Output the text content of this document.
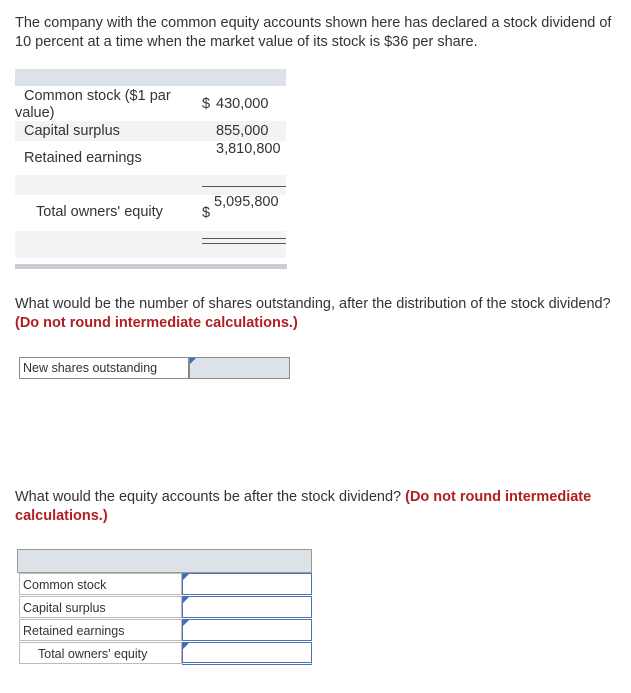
The company with the common equity accounts shown here has declared a stock dividend of 10 percent at a time when the market value of its stock is $36 per share.
Common stock ($1 par
value)
$ 430,000
Capital surplus	855,000
Retained earnings
3,810,800
Total owners' equity
5,095,800
$
What would be the number of shares outstanding, after the distribution of the stock dividend? (Do not round intermediate calculations.)
New shares outstanding
What would the equity accounts be after the stock dividend? (Do not round intermediate calculations.)
Common stock
Capital surplus
Retained earnings
Total owners' equity
